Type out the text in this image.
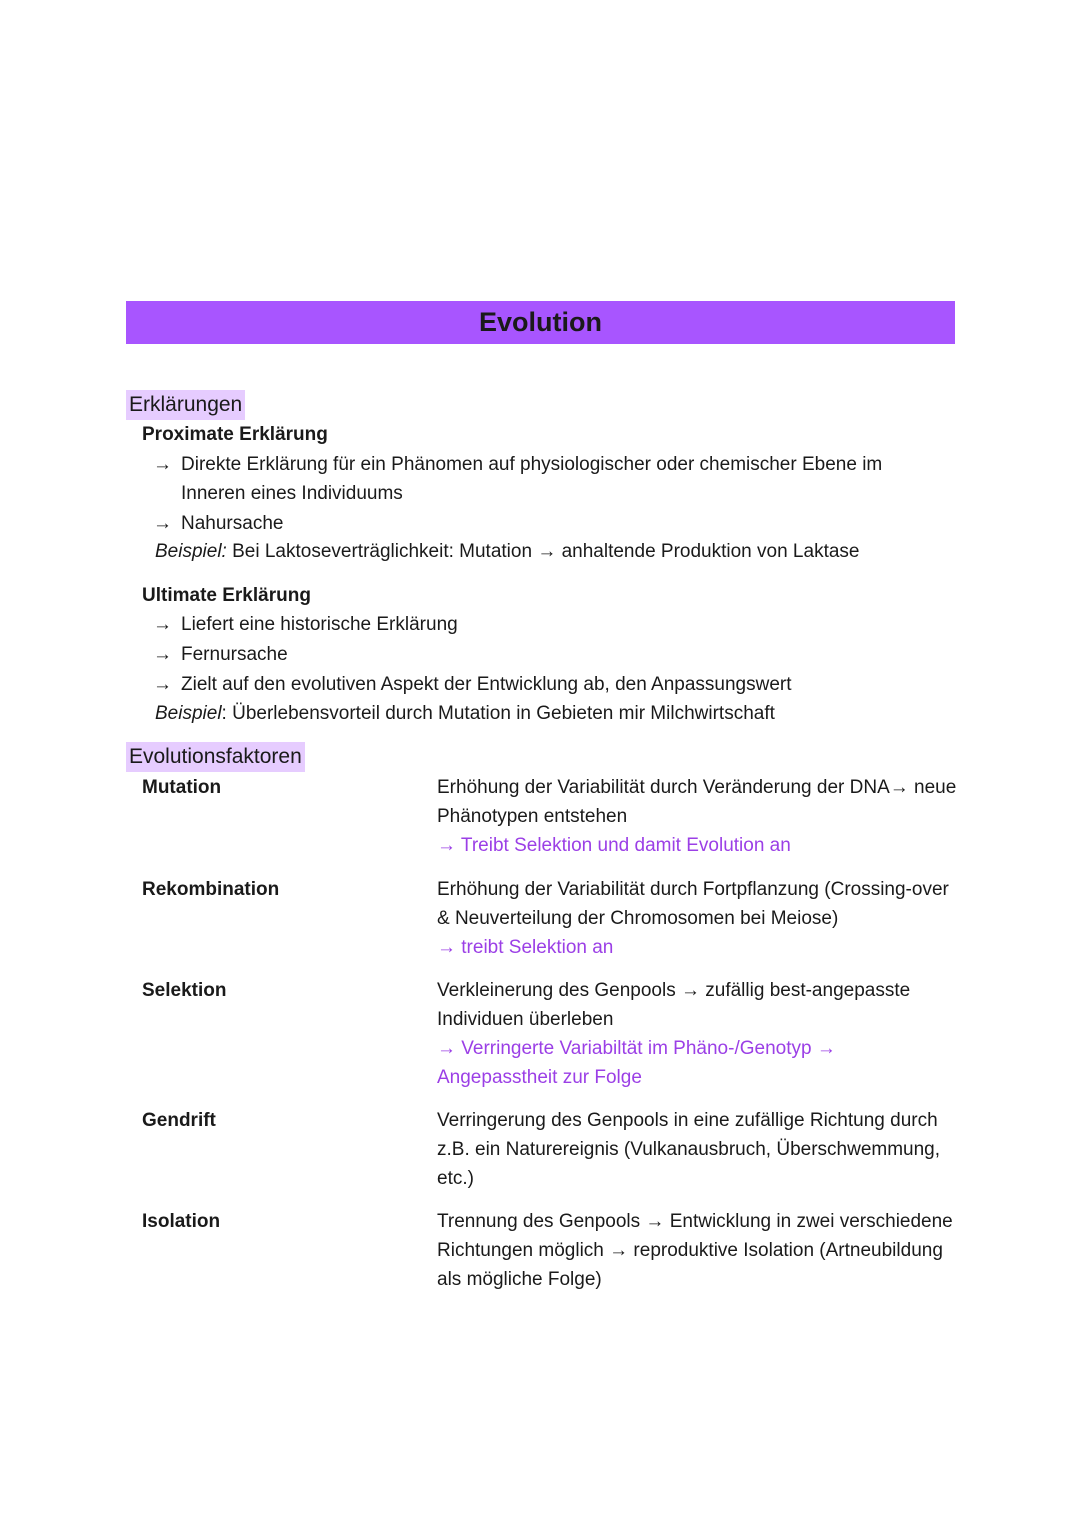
Evolution
Erklärungen
Proximate Erklärung
→ Direkte Erklärung für ein Phänomen auf physiologischer oder chemischer Ebene im Inneren eines Individuums
→ Nahursache
Beispiel: Bei Laktoseverträglichkeit: Mutation → anhaltende Produktion von Laktase
Ultimate Erklärung
→ Liefert eine historische Erklärung
→ Fernursache
→ Zielt auf den evolutiven Aspekt der Entwicklung ab, den Anpassungswert
Beispiel: Überlebensvorteil durch Mutation in Gebieten mir Milchwirtschaft
Evolutionsfaktoren
Mutation	Erhöhung der Variabilität durch Veränderung der DNA→ neue Phänotypen entstehen
→ Treibt Selektion und damit Evolution an
Rekombination	Erhöhung der Variabilität durch Fortpflanzung (Crossing-over & Neuverteilung der Chromosomen bei Meiose)
→ treibt Selektion an
Selektion	Verkleinerung des Genpools → zufällig best-angepasste Individuen überleben
→ Verringerte Variabiltät im Phäno-/Genotyp → Angepasstheit zur Folge
Gendrift	Verringerung des Genpools in eine zufällige Richtung durch z.B. ein Naturereignis (Vulkanausbruch, Überschwemmung, etc.)
Isolation	Trennung des Genpools → Entwicklung in zwei verschiedene Richtungen möglich → reproduktive Isolation (Artneubildung als mögliche Folge)
